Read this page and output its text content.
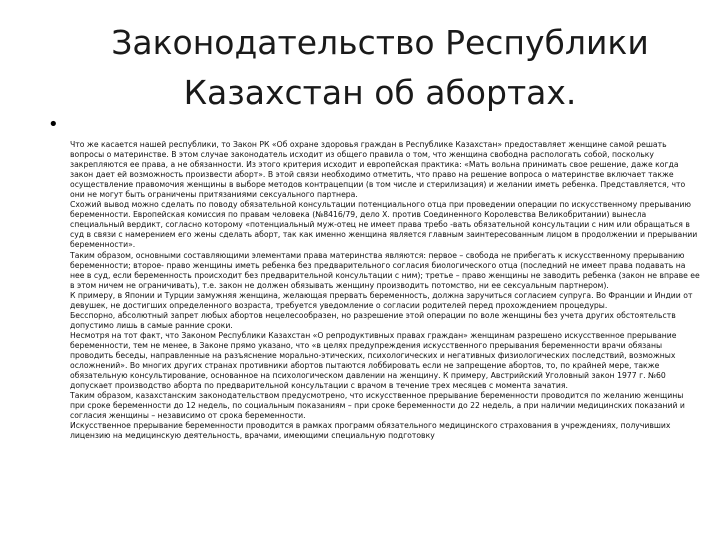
Законодательство Республики Казахстан об абортах.
•

Что же касается нашей республики, то Закон РК «Об охране здоровья граждан в Республике Казахстан» предоставляет женщине самой решать вопросы о материнстве. В этом случае законодатель исходит из общего правила о том, что женщина свободна распологать собой, поскольку закрепляются ее права, а не обязанности. Из этого критерия исходит и европейская практика: «Мать вольна принимать свое решение, даже когда закон дает ей возможность произвести аборт». В этой связи необходимо отметить, что право на решение вопроса о материнстве включает также осуществление правомочия женщины в выборе методов контрацепции (в том числе и стерилизация) и желании иметь ребенка. Представляется, что они не могут быть ограничены притязаниями сексуального партнера.

Схожий вывод можно сделать по поводу обязательной консультации потенциального отца при проведении операции по искусственному прерыванию беременности. Европейская комиссия по правам человека (№8416/79, дело X. против Соединенного Королевства Великобритании) вынесла специальный вердикт, согласно которому «потенциальный муж-отец не имеет права требо -вать обязательной консультации с ним или обращаться в суд в связи с намерением его жены сделать аборт, так как именно женщина является главным заинтересованным лицом в продолжении и прерывании беременности».

Таким образом, основными составляющими элементами права материнства являются: первое – свобода не прибегать к искусственному прерыванию беременности; второе- право женщины иметь ребенка без предварительного согласия биологического отца (последний не имеет права подавать на нее в суд, если беременность происходит без предварительной консультации с ним); третье – право женщины не заводить ребенка (закон не вправе ее в этом ничем не ограничивать), т.е. закон не должен обязывать женщину производить потомство, ни ее сексуальным партнером).

К примеру, в Японии и Турции замужняя женщина, желающая прервать беременность, должна заручиться согласием супруга. Во Франции и Индии от девушек, не достигших определенного возраста, требуется уведомление о согласии родителей перед прохождением процедуры.

Бесспорно, абсолютный запрет любых абортов нецелесообразен, но разрешение этой операции по воле женщины без учета других обстоятельств допустимо лишь в самые ранние сроки.

Несмотря на тот факт, что Законом Республики Казахстан «О репродуктивных правах граждан» женщинам разрешено искусственное прерывание беременности, тем не менее, в Законе прямо указано, что «в целях предупреждения искусственного прерывания беременности врачи обязаны проводить беседы, направленные на разъяснение морально-этических, психологических и негативных физиологических последствий, возможных осложнений». Во многих других странах противники абортов пытаются лоббировать если не запрещение абортов, то, по крайней мере, также обязательную консультирование, основанное на психологическом давлении на женщину. К примеру, Австрийский Уголовный закон 1977 г. №60 допускает производство аборта по предварительной консультации с врачом в течение трех месяцев с момента зачатия.

Таким образом, казахстанским законодательством предусмотрено, что искусственное прерывание беременности проводится по желанию женщины при сроке беременности до 12 недель, по социальным показаниям – при сроке беременности до 22 недель, а при наличии медицинских показаний и согласия женщины – независимо от срока беременности.

Искусственное прерывание беременности проводится в рамках программ обязательного медицинского страхования в учреждениях, получивших лицензию на медицинскую деятельность, врачами, имеющими специальную подготовку
